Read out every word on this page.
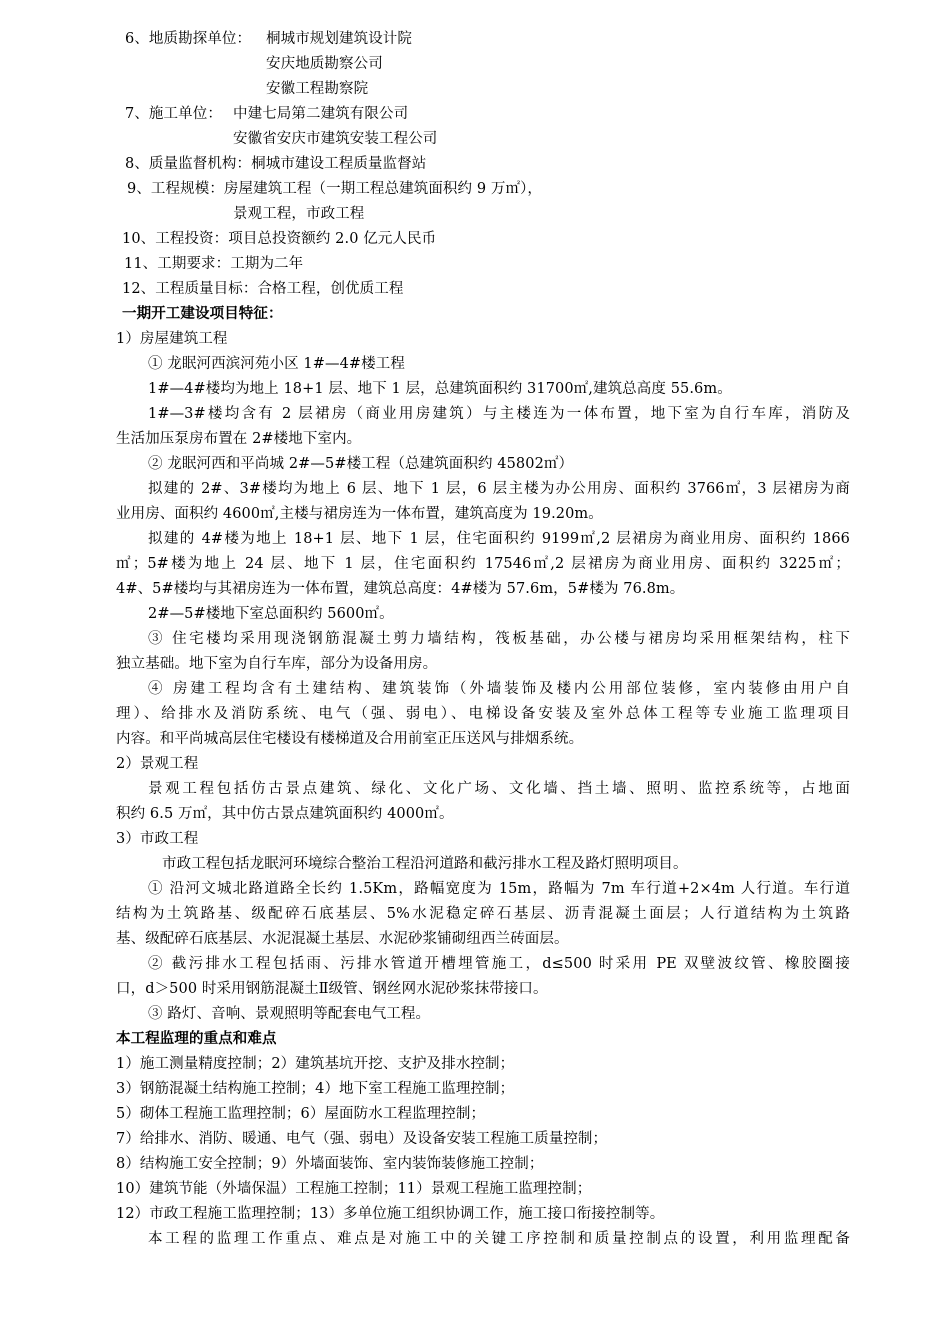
6、地质勘探单位： 桐城市规划建筑设计院
安庆地质勘察公司
安徽工程勘察院
7、施工单位： 中建七局第二建筑有限公司
安徽省安庆市建筑安装工程公司
8、质量监督机构：桐城市建设工程质量监督站
9、工程规模：房屋建筑工程（一期工程总建筑面积约 9 万㎡），
景观工程，市政工程
10、工程投资：项目总投资额约 2.0 亿元人民币
11、工期要求：工期为二年
12、工程质量目标：合格工程，创优质工程
一期开工建设项目特征：
1）房屋建筑工程
① 龙眠河西滨河苑小区 1#—4#楼工程
1#—4#楼均为地上 18+1 层、地下 1 层，总建筑面积约 31700㎡,建筑总高度 55.6m。
1#—3#楼均含有 2 层裙房（商业用房建筑）与主楼连为一体布置，地下室为自行车库，消防及
生活加压泵房布置在 2#楼地下室内。
② 龙眠河西和平尚城 2#—5#楼工程（总建筑面积约 45802㎡）
拟建的 2#、3#楼均为地上 6 层、地下 1 层，6 层主楼为办公用房、面积约 3766㎡，3 层裙房为商
业用房、面积约 4600㎡,主楼与裙房连为一体布置，建筑高度为 19.20m。
拟建的 4#楼为地上 18+1 层、地下 1 层，住宅面积约 9199㎡,2 层裙房为商业用房、面积约 1866
㎡；5#楼为地上 24 层、地下 1 层，住宅面积约 17546㎡,2 层裙房为商业用房、面积约 3225㎡；
4#、5#楼均与其裙房连为一体布置，建筑总高度：4#楼为 57.6m，5#楼为 76.8m。
2#—5#楼地下室总面积约 5600㎡。
③ 住宅楼均采用现浇钢筋混凝土剪力墙结构，筏板基础，办公楼与裙房均采用框架结构，柱下
独立基础。地下室为自行车库，部分为设备用房。
④ 房建工程均含有土建结构、建筑装饰（外墙装饰及楼内公用部位装修，室内装修由用户自
理）、给排水及消防系统、电气（强、弱电）、电梯设备安装及室外总体工程等专业施工监理项目
内容。和平尚城高层住宅楼设有楼梯道及合用前室正压送风与排烟系统。
2）景观工程
景观工程包括仿古景点建筑、绿化、文化广场、文化墙、挡土墙、照明、监控系统等，占地面
积约 6.5 万㎡，其中仿古景点建筑面积约 4000㎡。
3）市政工程
市政工程包括龙眠河环境综合整治工程沿河道路和截污排水工程及路灯照明项目。
① 沿河文城北路道路全长约 1.5Km，路幅宽度为 15m，路幅为 7m 车行道+2×4m 人行道。车行道
结构为土筑路基、级配碎石底基层、5%水泥稳定碎石基层、沥青混凝土面层；人行道结构为土筑路
基、级配碎石底基层、水泥混凝土基层、水泥砂浆铺砌纽西兰砖面层。
② 截污排水工程包括雨、污排水管道开槽埋管施工，d≤500 时采用 PE 双壁波纹管、橡胶圈接
口，d＞500 时采用钢筋混凝土Ⅱ级管、钢丝网水泥砂浆抹带接口。
③ 路灯、音响、景观照明等配套电气工程。
本工程监理的重点和难点
1）施工测量精度控制；2）建筑基坑开挖、支护及排水控制；
3）钢筋混凝土结构施工控制；4）地下室工程施工监理控制；
5）砌体工程施工监理控制；6）屋面防水工程监理控制；
7）给排水、消防、暖通、电气（强、弱电）及设备安装工程施工质量控制；
8）结构施工安全控制；9）外墙面装饰、室内装饰装修施工控制；
10）建筑节能（外墙保温）工程施工控制；11）景观工程施工监理控制；
12）市政工程施工监理控制；13）多单位施工组织协调工作，施工接口衔接控制等。
本工程的监理工作重点、难点是对施工中的关键工序控制和质量控制点的设置，利用监理配备
